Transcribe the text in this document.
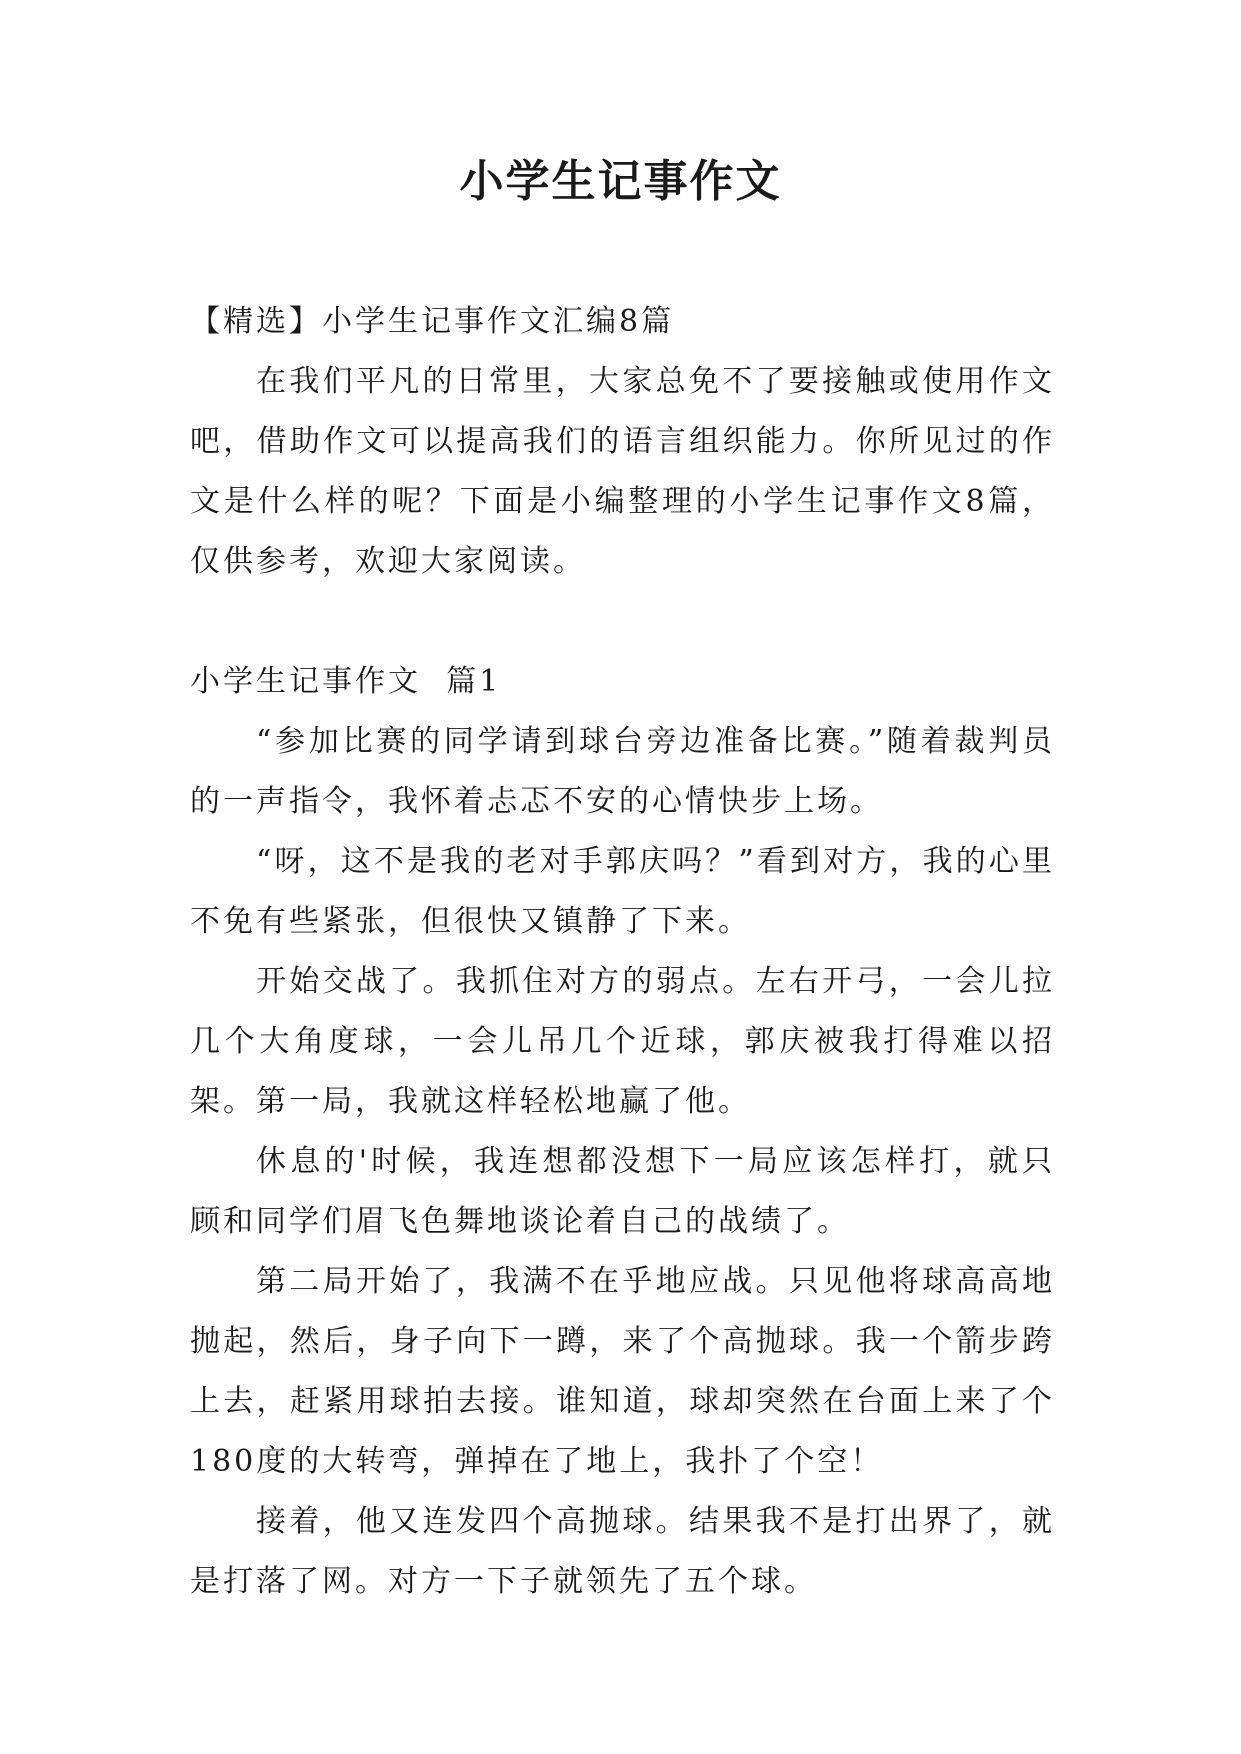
小学生记事作文

【精选】小学生记事作文汇编8篇

在我们平凡的日常里，大家总免不了要接触或使用作文吧，借助作文可以提高我们的语言组织能力。你所见过的作文是什么样的呢？下面是小编整理的小学生记事作文8篇，仅供参考，欢迎大家阅读。

小学生记事作文  篇1

“参加比赛的同学请到球台旁边准备比赛。”随着裁判员的一声指令，我怀着忐忑不安的心情快步上场。

“呀，这不是我的老对手郭庆吗？”看到对方，我的心里不免有些紧张，但很快又镇静了下来。

开始交战了。我抓住对方的弱点。左右开弓，一会儿拉几个大角度球，一会儿吊几个近球，郭庆被我打得难以招架。第一局，我就这样轻松地赢了他。

休息的'时候，我连想都没想下一局应该怎样打，就只顾和同学们眉飞色舞地谈论着自己的战绩了。

第二局开始了，我满不在乎地应战。只见他将球高高地抛起，然后，身子向下一蹲，来了个高抛球。我一个箭步跨上去，赶紧用球拍去接。谁知道，球却突然在台面上来了个180度的大转弯，弹掉在了地上，我扑了个空！

接着，他又连发四个高抛球。结果我不是打出界了，就是打落了网。对方一下子就领先了五个球。
